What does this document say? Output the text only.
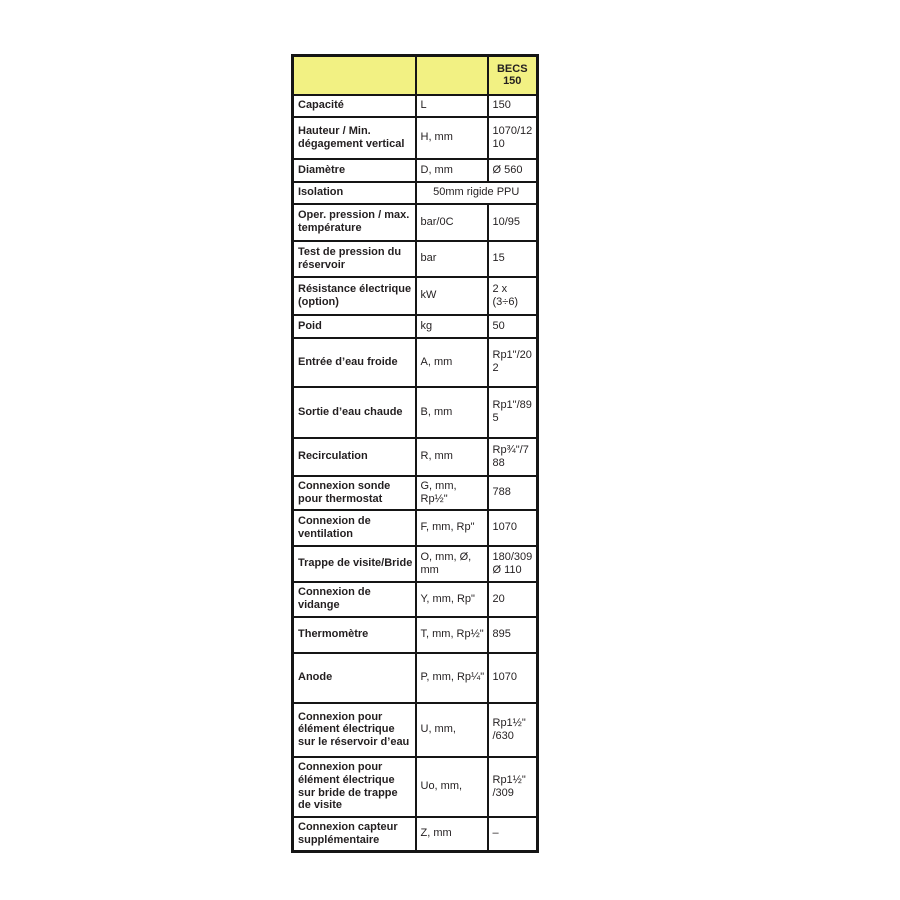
		BECS 150
Capacité	L	150
Hauteur / Min. dégagement vertical	H, mm	1070/1210
Diamètre	D, mm	Ø 560
Isolation	50mm rigide PPU	
Oper. pression / max. température	bar/0C	10/95
Test de pression du réservoir	bar	15
Résistance électrique (option)	kW	2 x (3÷6)
Poid	kg	50
Entrée d’eau froide	A, mm	Rp1"/202
Sortie d’eau chaude	B, mm	Rp1"/895
Recirculation	R, mm	Rp¾"/788
Connexion sonde pour thermostat	G, mm, Rp½"	788
Connexion de ventilation	F, mm, Rp"	1070
Trappe de visite/Bride	O, mm, Ø, mm	180/309 Ø 110
Connexion de vidange	Y, mm, Rp"	20
Thermomètre	T, mm, Rp½"	895
Anode	P, mm, Rp¼"	1070
Connexion pour élément électrique sur le réservoir d’eau	U, mm,	Rp1½" /630
Connexion pour élément électrique sur bride de trappe de visite	Uo, mm,	Rp1½" /309
Connexion capteur supplémentaire	Z, mm	–
